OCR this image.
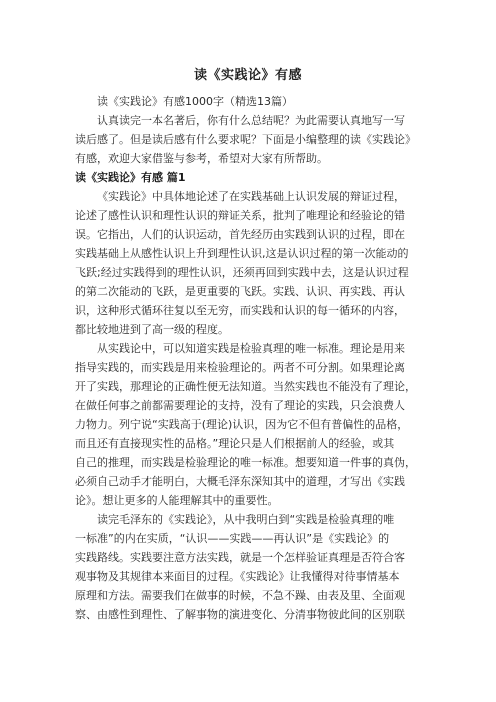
读《实践论》有感
读《实践论》有感1000字（精选13篇）
认真读完一本名著后，你有什么总结呢？为此需要认真地写一写
读后感了。但是读后感有什么要求呢？下面是小编整理的读《实践论》
有感，欢迎大家借鉴与参考，希望对大家有所帮助。
读《实践论》有感 篇1
《实践论》中具体地论述了在实践基础上认识发展的辩证过程，
论述了感性认识和理性认识的辩证关系，批判了唯理论和经验论的错
误。它指出，人们的认识运动，首先经历由实践到认识的过程，即在
实践基础上从感性认识上升到理性认识,这是认识过程的第一次能动的
飞跃;经过实践得到的理性认识，还须再回到实践中去，这是认识过程
的第二次能动的飞跃，是更重要的飞跃。实践、认识、再实践、再认
识，这种形式循环往复以至无穷，而实践和认识的每一循环的内容，
都比较地进到了高一级的程度。
从实践论中，可以知道实践是检验真理的唯一标准。理论是用来
指导实践的，而实践是用来检验理论的。两者不可分割。如果理论离
开了实践，那理论的正确性便无法知道。当然实践也不能没有了理论，
在做任何事之前都需要理论的支持，没有了理论的实践，只会浪费人
力物力。列宁说“实践高于(理论)认识，因为它不但有普偏性的品格，
而且还有直接现实性的品格。”理论只是人们根据前人的经验，或其
自己的推理，而实践是检验理论的唯一标准。想要知道一件事的真伪，
必须自己动手才能明白，大概毛泽东深知其中的道理，才写出《实践
论》。想让更多的人能理解其中的重要性。
读完毛泽东的《实践论》，从中我明白到“实践是检验真理的唯
一标准”的内在实质，“认识——实践——再认识”是《实践论》的
实践路线。实践要注意方法实践，就是一个怎样验证真理是否符合客
观事物及其规律本来面目的过程。《实践论》让我懂得对待事情基本
原理和方法。需要我们在做事的时候，不急不躁、由表及里、全面观
察、由感性到理性、了解事物的演进变化、分清事物彼此间的区别联
